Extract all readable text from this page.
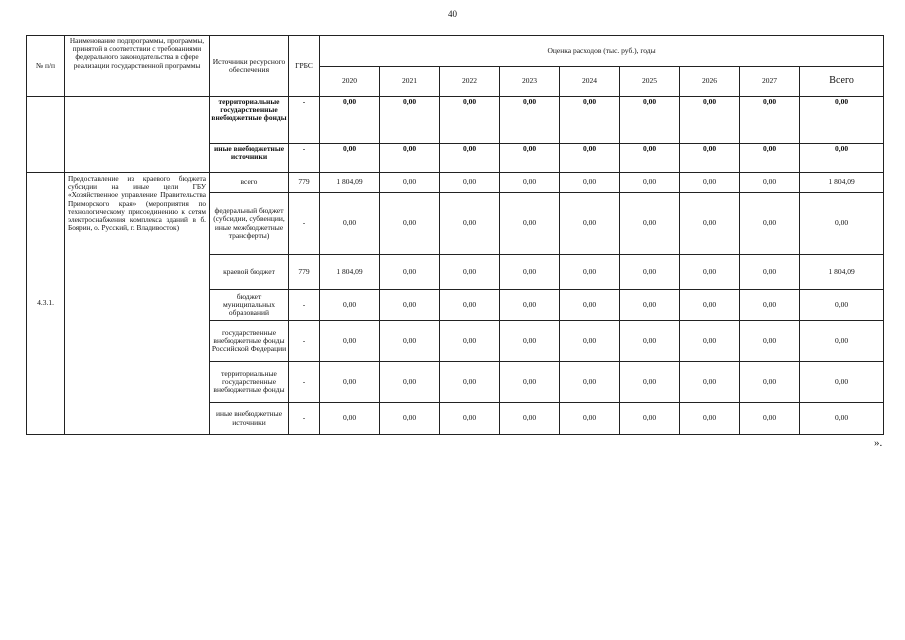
40
№ п/п	Наименование подпрограммы, программы, принятой в соответствии с требованиями федерального законодательства в сфере реализации государственной программы	Источники ресурсного обеспечения	ГРБС	Оценка расходов (тыс. руб.), годы								
				2020	2021	2022	2023	2024	2025	2026	2027	Всего
		территориальные государственные внебюджетные фонды	-	0,00	0,00	0,00	0,00	0,00	0,00	0,00	0,00	0,00
		иные внебюджетные источники	-	0,00	0,00	0,00	0,00	0,00	0,00	0,00	0,00	0,00
4.3.1.	Предоставление из краевого бюджета субсидии на иные цели ГБУ «Хозяйственное управление Правительства Приморского края» (мероприятия по технологическому присоединению к сетям электроснабжения комплекса зданий в б. Боярин, о. Русский, г. Владивосток)	всего	779	1 804,09	0,00	0,00	0,00	0,00	0,00	0,00	0,00	1 804,09
		федеральный бюджет (субсидии, субвенции, иные межбюджетные трансферты)	-	0,00	0,00	0,00	0,00	0,00	0,00	0,00	0,00	0,00
		краевой бюджет	779	1 804,09	0,00	0,00	0,00	0,00	0,00	0,00	0,00	1 804,09
		бюджет муниципальных образований	-	0,00	0,00	0,00	0,00	0,00	0,00	0,00	0,00	0,00
		государственные внебюджетные фонды Российской Федерации	-	0,00	0,00	0,00	0,00	0,00	0,00	0,00	0,00	0,00
		территориальные государственные внебюджетные фонды	-	0,00	0,00	0,00	0,00	0,00	0,00	0,00	0,00	0,00
		иные внебюджетные источники	-	0,00	0,00	0,00	0,00	0,00	0,00	0,00	0,00	0,00
».
